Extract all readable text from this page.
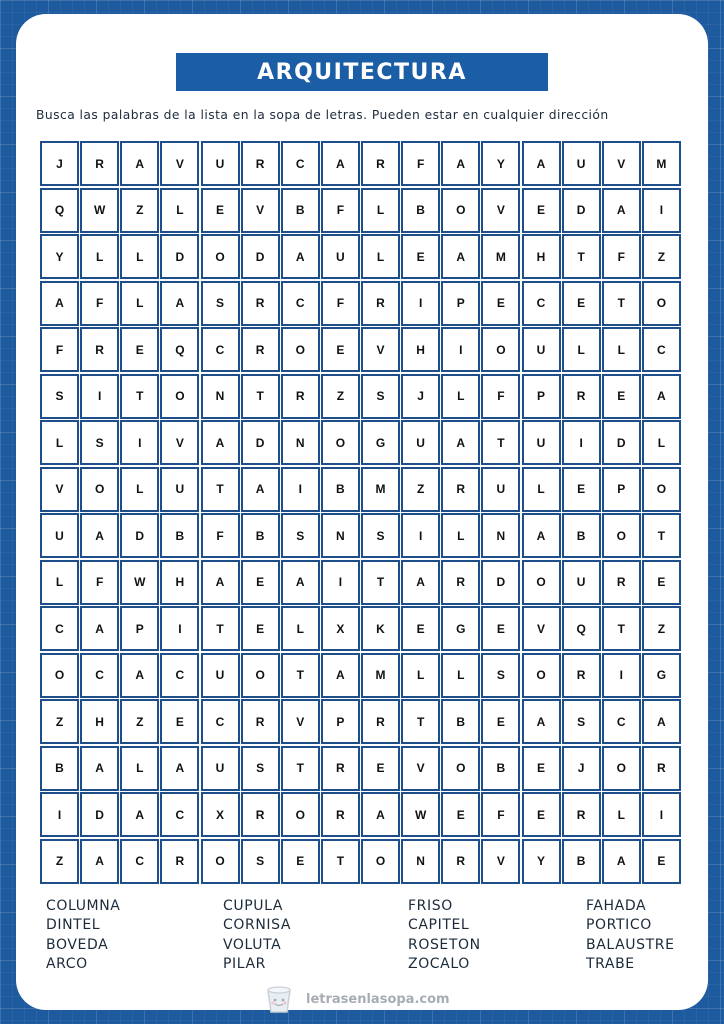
ARQUITECTURA
Busca las palabras de la lista en la sopa de letras. Pueden estar en cualquier dirección
J	R	A	V	U	R	C	A	R	F	A	Y	A	U	V	M
Q	W	Z	L	E	V	B	F	L	B	O	V	E	D	A	I
Y	L	L	D	O	D	A	U	L	E	A	M	H	T	F	Z
A	F	L	A	S	R	C	F	R	I	P	E	C	E	T	O
F	R	E	Q	C	R	O	E	V	H	I	O	U	L	L	C
S	I	T	O	N	T	R	Z	S	J	L	F	P	R	E	A
L	S	I	V	A	D	N	O	G	U	A	T	U	I	D	L
V	O	L	U	T	A	I	B	M	Z	R	U	L	E	P	O
U	A	D	B	F	B	S	N	S	I	L	N	A	B	O	T
L	F	W	H	A	E	A	I	T	A	R	D	O	U	R	E
C	A	P	I	T	E	L	X	K	E	G	E	V	Q	T	Z
O	C	A	C	U	O	T	A	M	L	L	S	O	R	I	G
Z	H	Z	E	C	R	V	P	R	T	B	E	A	S	C	A
B	A	L	A	U	S	T	R	E	V	O	B	E	J	O	R
I	D	A	C	X	R	O	R	A	W	E	F	E	R	L	I
Z	A	C	R	O	S	E	T	O	N	R	V	Y	B	A	E
COLUMNA	CUPULA	FRISO	FAHADA
DINTEL	CORNISA	CAPITEL	PORTICO
BOVEDA	VOLUTA	ROSETON	BALAUSTRE
ARCO	PILAR	ZOCALO	TRABE
letrasenlasopa.com
